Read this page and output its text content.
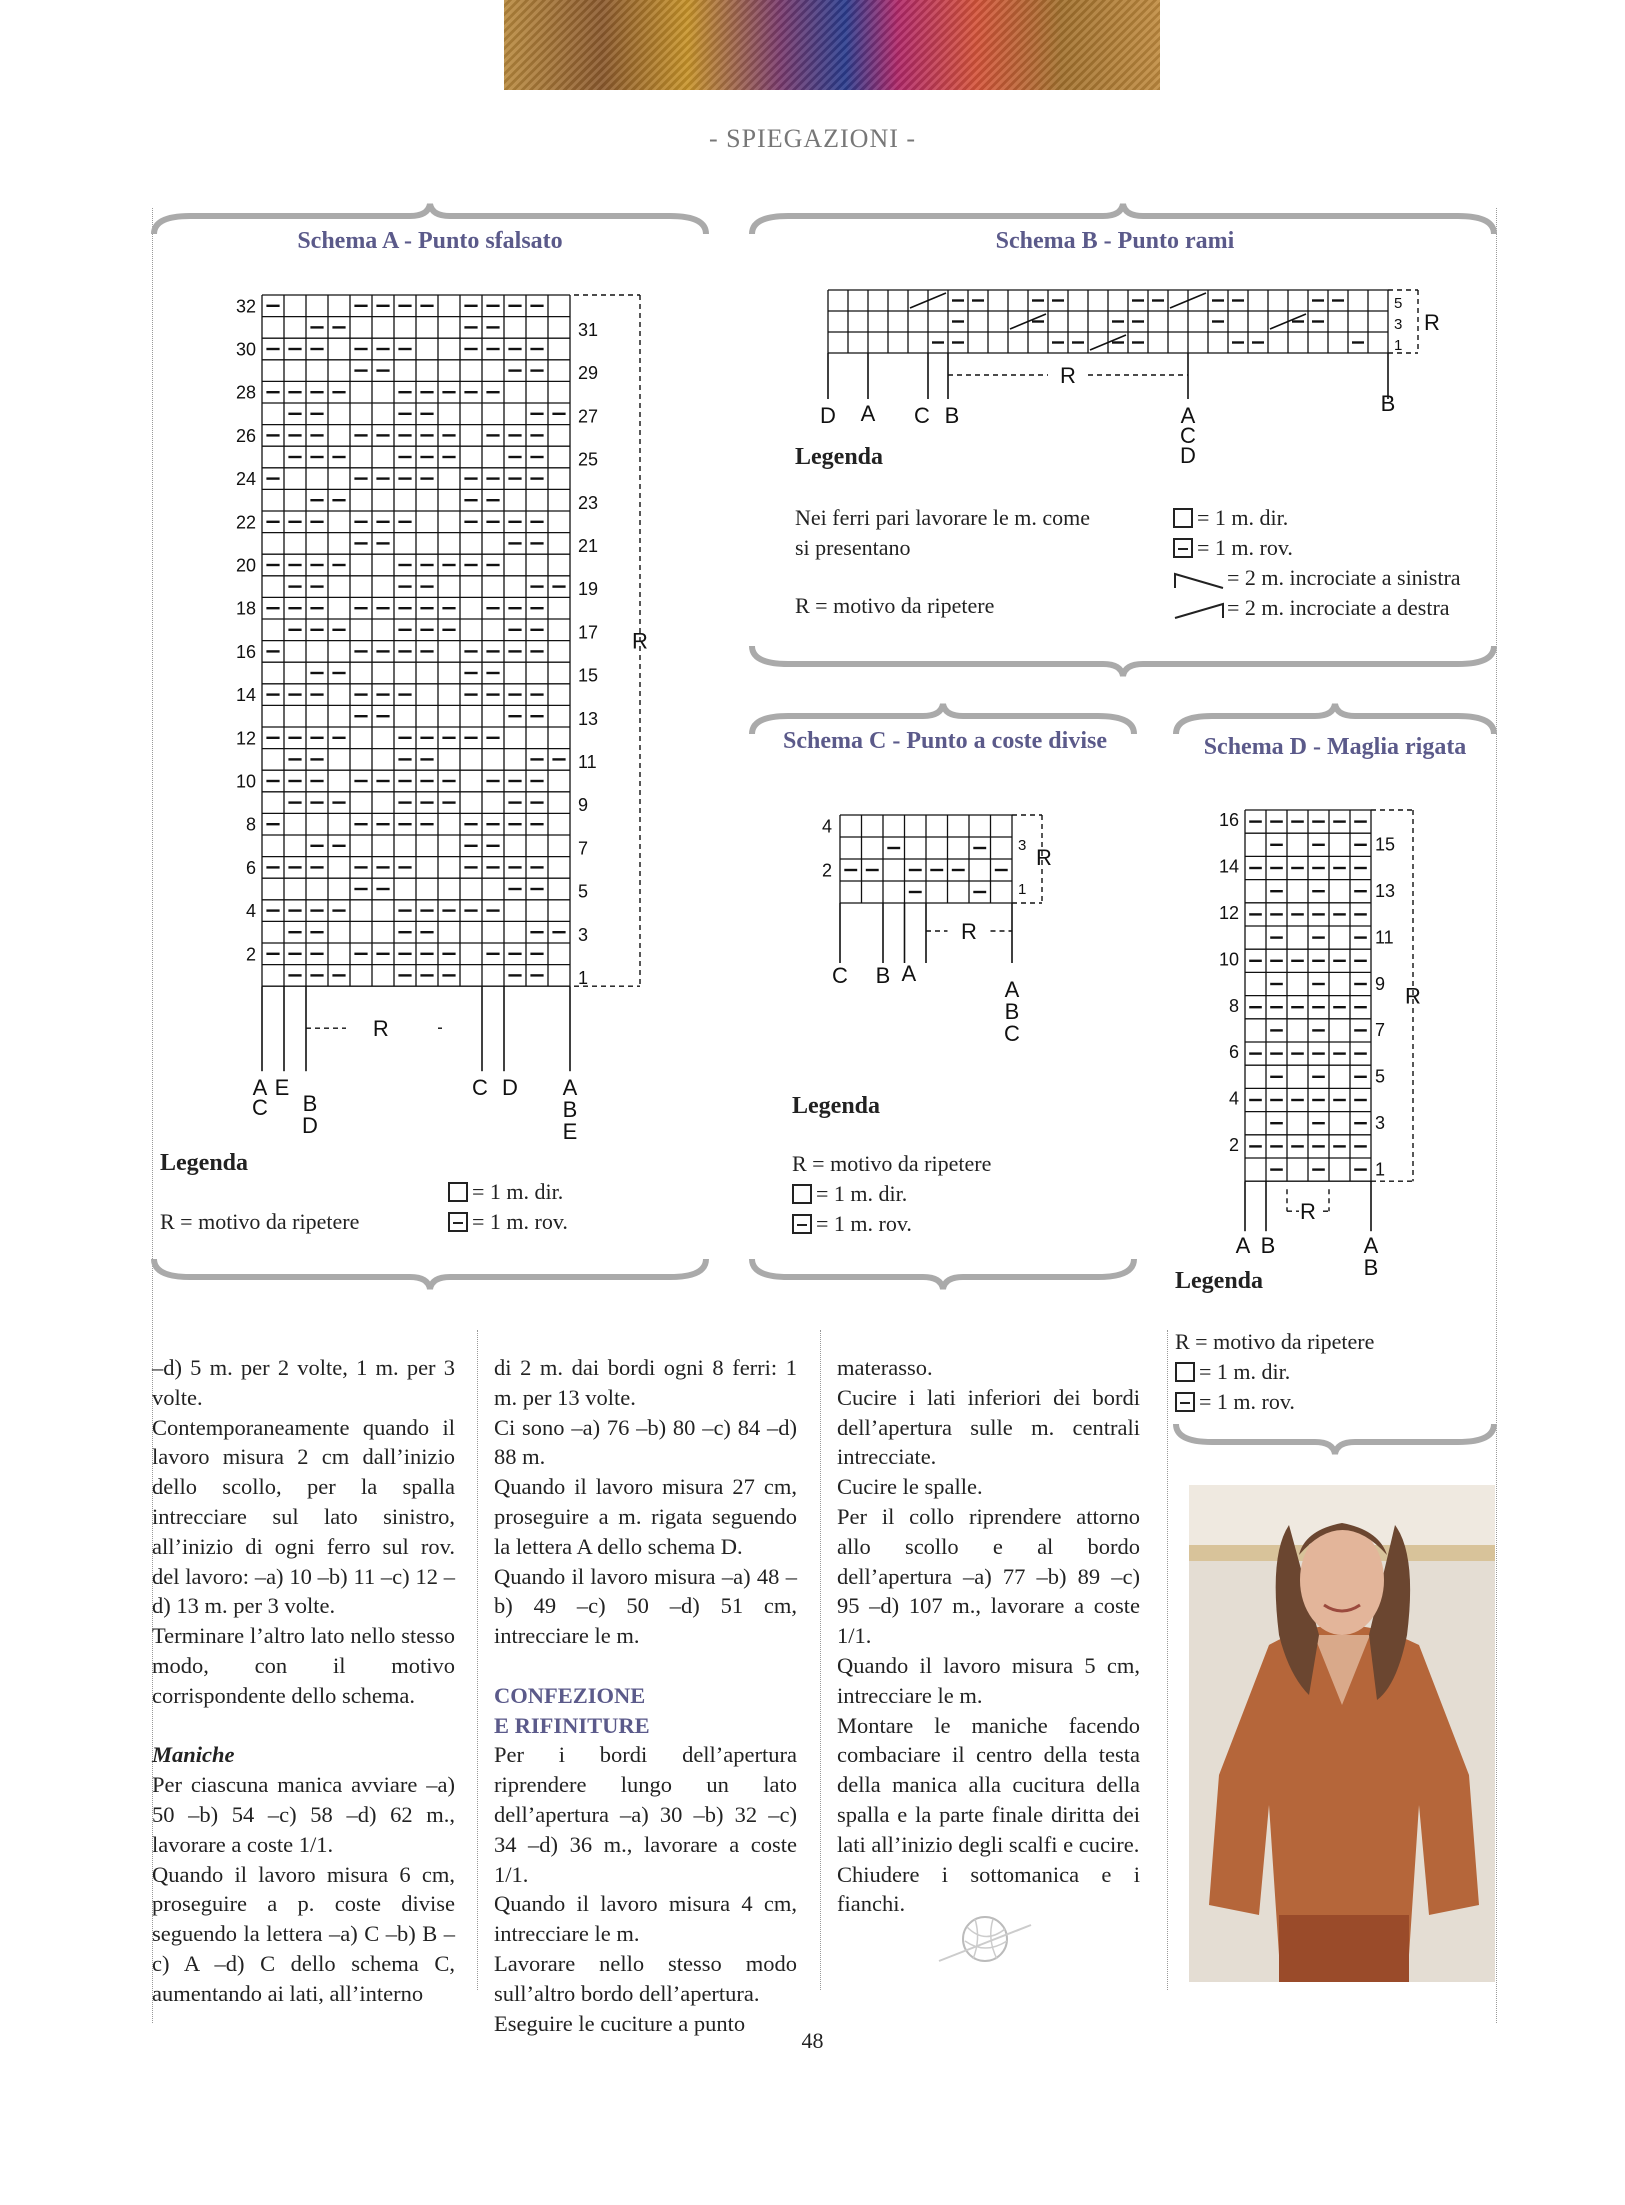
- SPIEGAZIONI -
Schema A - Punto sfalsato
32
30
28
26
24
22
20
18
16
14
12
10
8
6
4
2
31
29
27
25
23
21
19
17
15
13
11
9
7
5
3
1
R
R
A
C
E
B
D
C D A
B
E
Legenda
R = motivo da ripetere
= 1 m. dir.
= 1 m. rov.
Schema B - Punto rami
5
3
1
R
R
D A C B	A
C
D
B
Legenda
Nei ferri pari lavorare le m. come
si presentano
R = motivo da ripetere
= 1 m. dir.
= 1 m. rov.
= 2 m. incrociate a sinistra
= 2 m. incrociate a destra
Schema C - Punto a coste divise
4
2
3
1
R
R
C B A
A
B
C
Legenda
R = motivo da ripetere
= 1 m. dir.
= 1 m. rov.
Schema D - Maglia rigata
16
14
12
10
8
6
4
2
15
13
11
9
7
5
3
1
R
R
A B	A
B
Legenda
R = motivo da ripetere
= 1 m. dir.
= 1 m. rov.

–d) 5 m. per 2 volte, 1 m. per 3 volte.

Contemporaneamente quando il lavoro misura 2 cm dall’inizio dello scollo, per la spalla intrecciare sul lato sinistro, all’inizio di ogni ferro sul rov. del lavoro: –a) 10 –b) 11 –c) 12 –d) 13 m. per 3 volte.

Terminare l’altro lato nello stesso modo, con il motivo corrispondente dello schema.

Maniche

Per ciascuna manica avviare –a) 50 –b) 54 –c) 58 –d) 62 m., lavorare a coste 1/1.

Quando il lavoro misura 6 cm, proseguire a p. coste divise seguendo la lettera –a) C –b) B –c) A –d) C dello schema C, aumentando ai lati, all’interno

di 2 m. dai bordi ogni 8 ferri: 1 m. per 13 volte.

Ci sono –a) 76 –b) 80 –c) 84 –d) 88 m.

Quando il lavoro misura 27 cm, proseguire a m. rigata seguendo la lettera A dello schema D.

Quando il lavoro misura –a) 48 –b) 49 –c) 50 –d) 51 cm, intrecciare le m.

CONFEZIONE

E RIFINITURE

Per i bordi dell’apertura riprendere lungo un lato dell’apertura –a) 30 –b) 32 –c) 34 –d) 36 m., lavorare a coste 1/1.

Quando il lavoro misura 4 cm, intrecciare le m.

Lavorare nello stesso modo sull’altro bordo dell’apertura.

Eseguire le cuciture a punto

materasso.

Cucire i lati inferiori dei bordi dell’apertura sulle m. centrali intrecciate.

Cucire le spalle.

Per il collo riprendere attorno allo scollo e al bordo dell’apertura –a) 77 –b) 89 –c) 95 –d) 107 m., lavorare a coste 1/1.

Quando il lavoro misura 5 cm, intrecciare le m.

Montare le maniche facendo combaciare il centro della testa della manica alla cucitura della spalla e la parte finale diritta dei lati all’inizio degli scalfi e cucire.

Chiudere i sottomanica e i fianchi.

48
